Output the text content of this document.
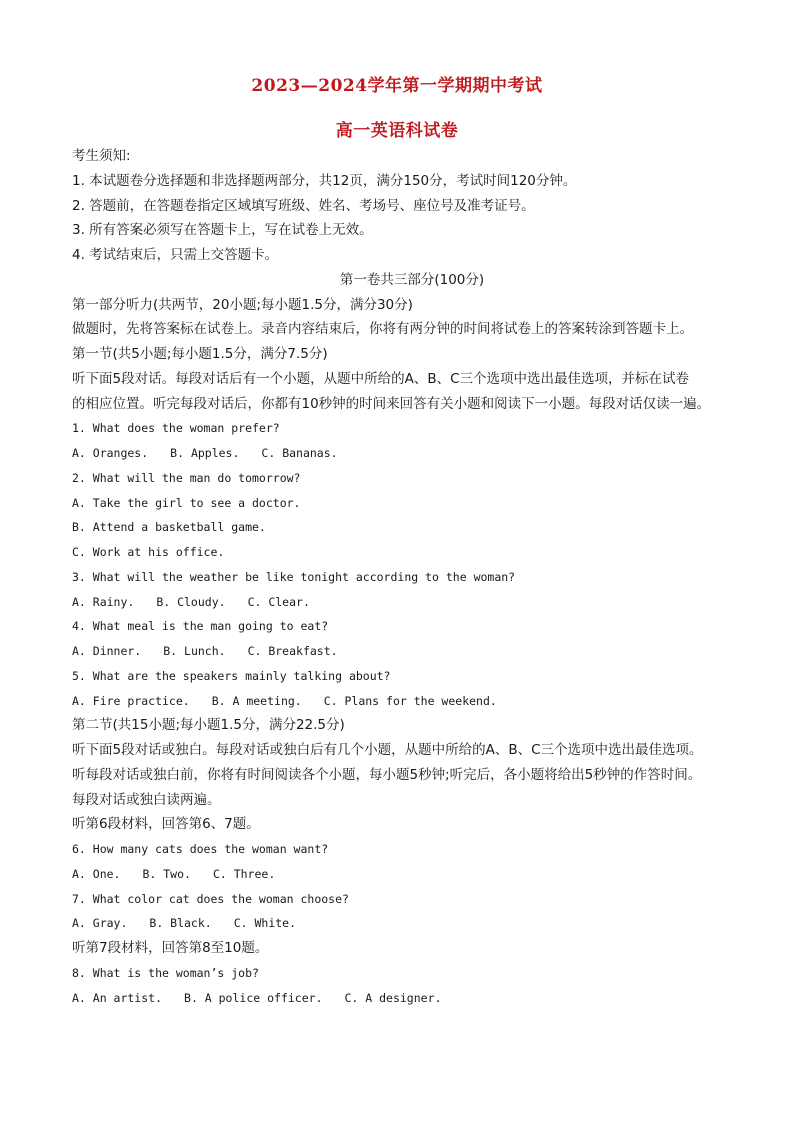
2023—2024学年第一学期期中考试
高一英语科试卷
考生须知:
1. 本试题卷分选择题和非选择题两部分，共12页，满分150分，考试时间120分钟。
2. 答题前，在答题卷指定区域填写班级、姓名、考场号、座位号及准考证号。
3. 所有答案必须写在答题卡上，写在试卷上无效。
4. 考试结束后，只需上交答题卡。
第一卷共三部分(100分)
第一部分听力(共两节，20小题;每小题1.5分，满分30分)
做题时，先将答案标在试卷上。录音内容结束后，你将有两分钟的时间将试卷上的答案转涂到答题卡上。
第一节(共5小题;每小题1.5分，满分7.5分)
听下面5段对话。每段对话后有一个小题，从题中所给的A、B、C三个选项中选出最佳选项，并标在试卷
的相应位置。听完每段对话后，你都有10秒钟的时间来回答有关小题和阅读下一小题。每段对话仅读一遍。
1. What does the woman prefer?
A. Oranges. B. Apples. C. Bananas.
2. What will the man do tomorrow?
A. Take the girl to see a doctor.
B. Attend a basketball game.
C. Work at his office.
3. What will the weather be like tonight according to the woman?
A. Rainy. B. Cloudy. C. Clear.
4. What meal is the man going to eat?
A. Dinner. B. Lunch. C. Breakfast.
5. What are the speakers mainly talking about?
A. Fire practice. B. A meeting. C. Plans for the weekend.
第二节(共15小题;每小题1.5分，满分22.5分)
听下面5段对话或独白。每段对话或独白后有几个小题，从题中所给的A、B、C三个选项中选出最佳选项。
听每段对话或独白前，你将有时间阅读各个小题，每小题5秒钟;听完后，各小题将给出5秒钟的作答时间。
每段对话或独白读两遍。
听第6段材料，回答第6、7题。
6. How many cats does the woman want?
A. One. B. Two. C. Three.
7. What color cat does the woman choose?
A. Gray. B. Black. C. White.
听第7段材料，回答第8至10题。
8. What is the woman’s job?
A. An artist. B. A police officer. C. A designer.
